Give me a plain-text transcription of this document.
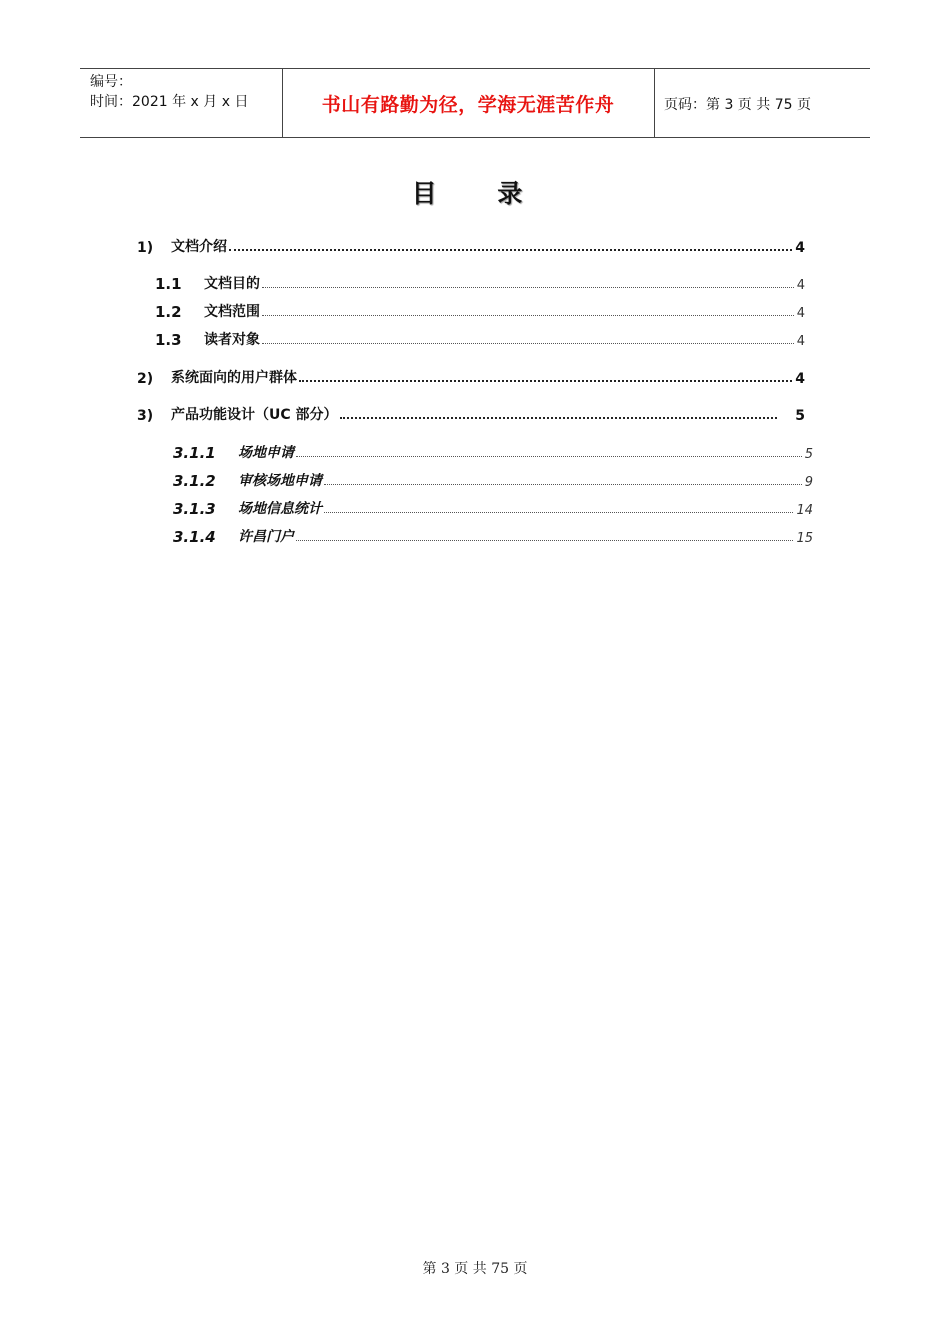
编号：
时间：2021 年 x 月 x 日	书山有路勤为径，学海无涯苦作舟	页码：第 3 页 共 75 页
目 录
1)	文档介绍	4
1.1	文档目的	4
1.2	文档范围	4
1.3	读者对象	4
2)	系统面向的用户群体	4
3)	产品功能设计（UC 部分）	5
3.1.1	场地申请	5
3.1.2	审核场地申请	9
3.1.3	场地信息统计	14
3.1.4	许昌门户	15
第 3 页 共 75 页
